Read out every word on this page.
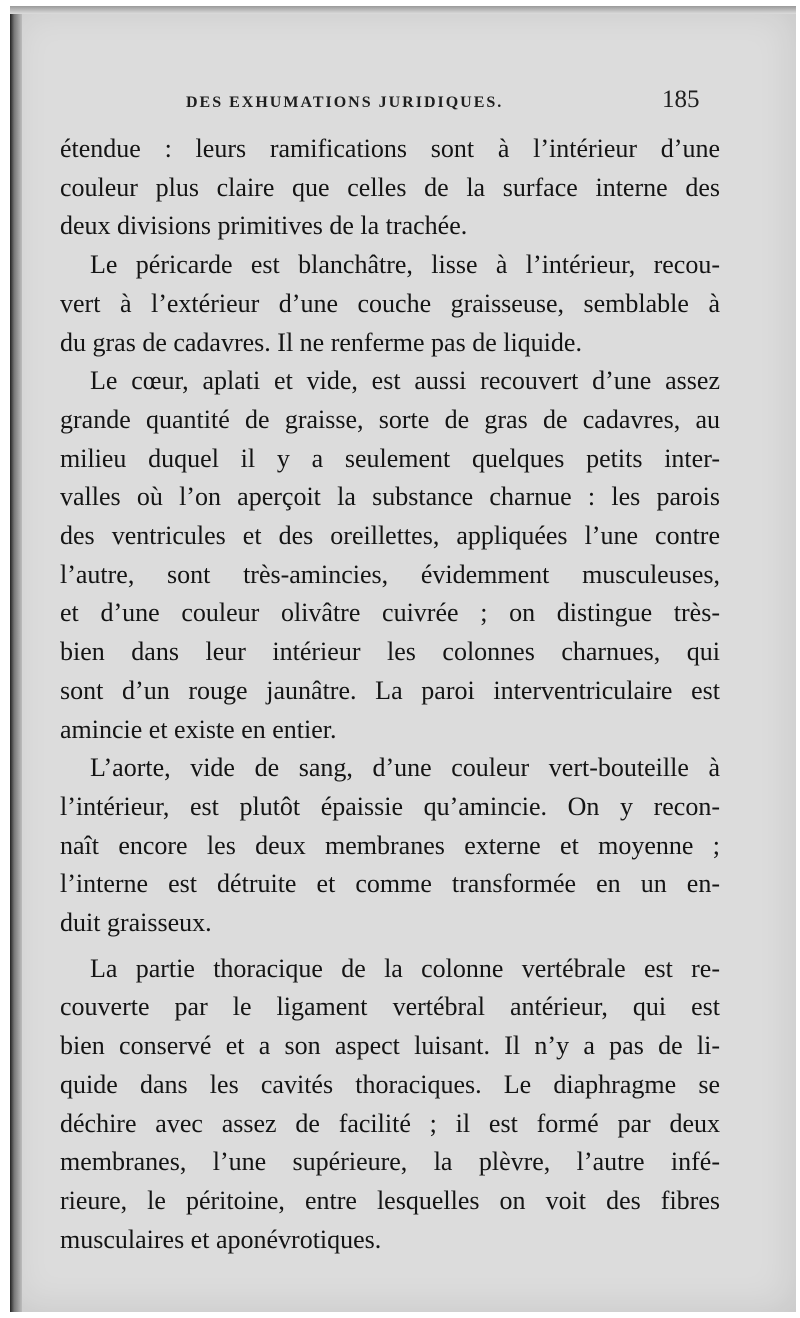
DES EXHUMATIONS JURIDIQUES.	185

étendue : leurs ramifications sont à l’intérieur d’une

couleur plus claire que celles de la surface interne des

deux divisions primitives de la trachée.

Le péricarde est blanchâtre, lisse à l’intérieur, recou-

vert à l’extérieur d’une couche graisseuse, semblable à

du gras de cadavres. Il ne renferme pas de liquide.

Le cœur, aplati et vide, est aussi recouvert d’une assez

grande quantité de graisse, sorte de gras de cadavres, au

milieu duquel il y a seulement quelques petits inter-

valles où l’on aperçoit la substance charnue : les parois

des ventricules et des oreillettes, appliquées l’une contre

l’autre, sont très-amincies, évidemment musculeuses,

et d’une couleur olivâtre cuivrée ; on distingue très-

bien dans leur intérieur les colonnes charnues, qui

sont d’un rouge jaunâtre. La paroi interventriculaire est

amincie et existe en entier.

L’aorte, vide de sang, d’une couleur vert-bouteille à

l’intérieur, est plutôt épaissie qu’amincie. On y recon-

naît encore les deux membranes externe et moyenne ;

l’interne est détruite et comme transformée en un en-

duit graisseux.

La partie thoracique de la colonne vertébrale est re-

couverte par le ligament vertébral antérieur, qui est

bien conservé et a son aspect luisant. Il n’y a pas de li-

quide dans les cavités thoraciques. Le diaphragme se

déchire avec assez de facilité ; il est formé par deux

membranes, l’une supérieure, la plèvre, l’autre infé-

rieure, le péritoine, entre lesquelles on voit des fibres

musculaires et aponévrotiques.
